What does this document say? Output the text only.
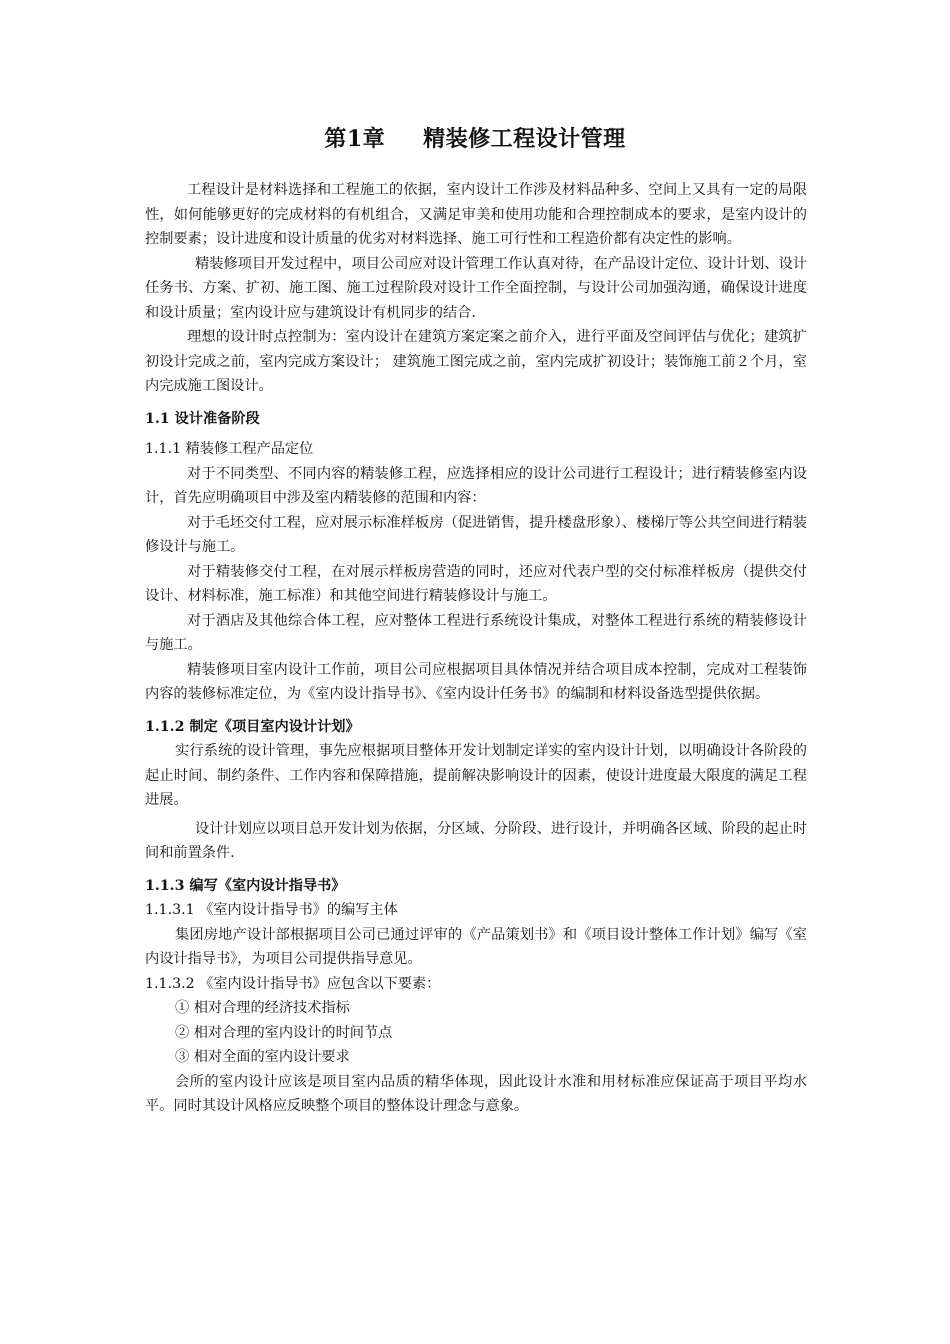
第1章 精装修工程设计管理

工程设计是材料选择和工程施工的依据，室内设计工作涉及材料品种多、空间上又具有一定的局限性，如何能够更好的完成材料的有机组合，又满足审美和使用功能和合理控制成本的要求，是室内设计的控制要素；设计进度和设计质量的优劣对材料选择、施工可行性和工程造价都有决定性的影响。

精装修项目开发过程中，项目公司应对设计管理工作认真对待，在产品设计定位、设计计划、设计任务书、方案、扩初、施工图、施工过程阶段对设计工作全面控制，与设计公司加强沟通，确保设计进度和设计质量；室内设计应与建筑设计有机同步的结合.

理想的设计时点控制为：室内设计在建筑方案定案之前介入，进行平面及空间评估与优化；建筑扩初设计完成之前，室内完成方案设计； 建筑施工图完成之前，室内完成扩初设计；装饰施工前２个月，室内完成施工图设计。

1.1 设计准备阶段

1.1.1 精装修工程产品定位

对于不同类型、不同内容的精装修工程，应选择相应的设计公司进行工程设计；进行精装修室内设计，首先应明确项目中涉及室内精装修的范围和内容：

对于毛坯交付工程，应对展示标准样板房（促进销售，提升楼盘形象）、楼梯厅等公共空间进行精装修设计与施工。

对于精装修交付工程，在对展示样板房营造的同时，还应对代表户型的交付标准样板房（提供交付设计、材料标准，施工标准）和其他空间进行精装修设计与施工。

对于酒店及其他综合体工程，应对整体工程进行系统设计集成，对整体工程进行系统的精装修设计与施工。

精装修项目室内设计工作前，项目公司应根据项目具体情况并结合项目成本控制，完成对工程装饰内容的装修标准定位，为《室内设计指导书》、《室内设计任务书》的编制和材料设备选型提供依据。

1.1.2 制定《项目室内设计计划》

实行系统的设计管理，事先应根据项目整体开发计划制定详实的室内设计计划，以明确设计各阶段的起止时间、制约条件、工作内容和保障措施，提前解决影响设计的因素，使设计进度最大限度的满足工程进展。

设计计划应以项目总开发计划为依据，分区域、分阶段、进行设计，并明确各区域、阶段的起止时间和前置条件.

1.1.3 编写《室内设计指导书》

1.1.3.1 《室内设计指导书》的编写主体

集团房地产设计部根据项目公司已通过评审的《产品策划书》和《项目设计整体工作计划》编写《室内设计指导书》，为项目公司提供指导意见。

1.1.3.2 《室内设计指导书》应包含以下要素：

① 相对合理的经济技术指标

② 相对合理的室内设计的时间节点

③ 相对全面的室内设计要求

会所的室内设计应该是项目室内品质的精华体现，因此设计水准和用材标准应保证高于项目平均水平。同时其设计风格应反映整个项目的整体设计理念与意象。
